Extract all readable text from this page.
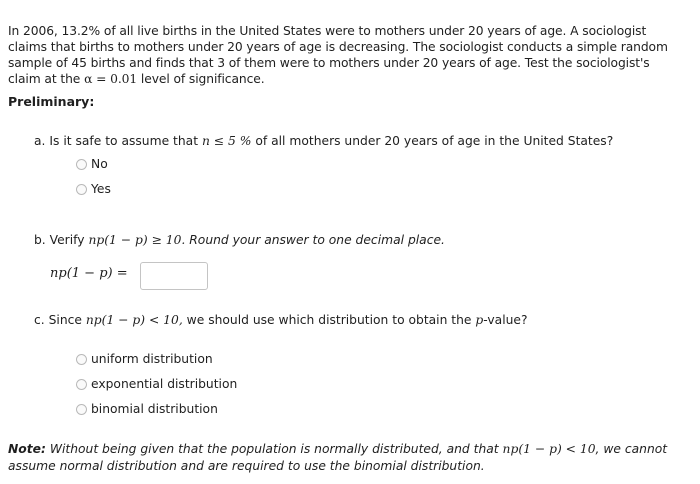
In 2006, 13.2% of all live births in the United States were to mothers under 20 years of age. A sociologist
claims that births to mothers under 20 years of age is decreasing. The sociologist conducts a simple random
sample of 45 births and finds that 3 of them were to mothers under 20 years of age. Test the sociologist's
claim at the α = 0.01 level of significance.
Preliminary:
a. Is it safe to assume that n ≤ 5 % of all mothers under 20 years of age in the United States?
No
Yes
b. Verify np(1 − p) ≥ 10. Round your answer to one decimal place.
np(1 − p) =
c. Since np(1 − p) < 10, we should use which distribution to obtain the p-value?
uniform distribution
exponential distribution
binomial distribution
Note: Without being given that the population is normally distributed, and that np(1 − p) < 10, we cannot
assume normal distribution and are required to use the binomial distribution.
